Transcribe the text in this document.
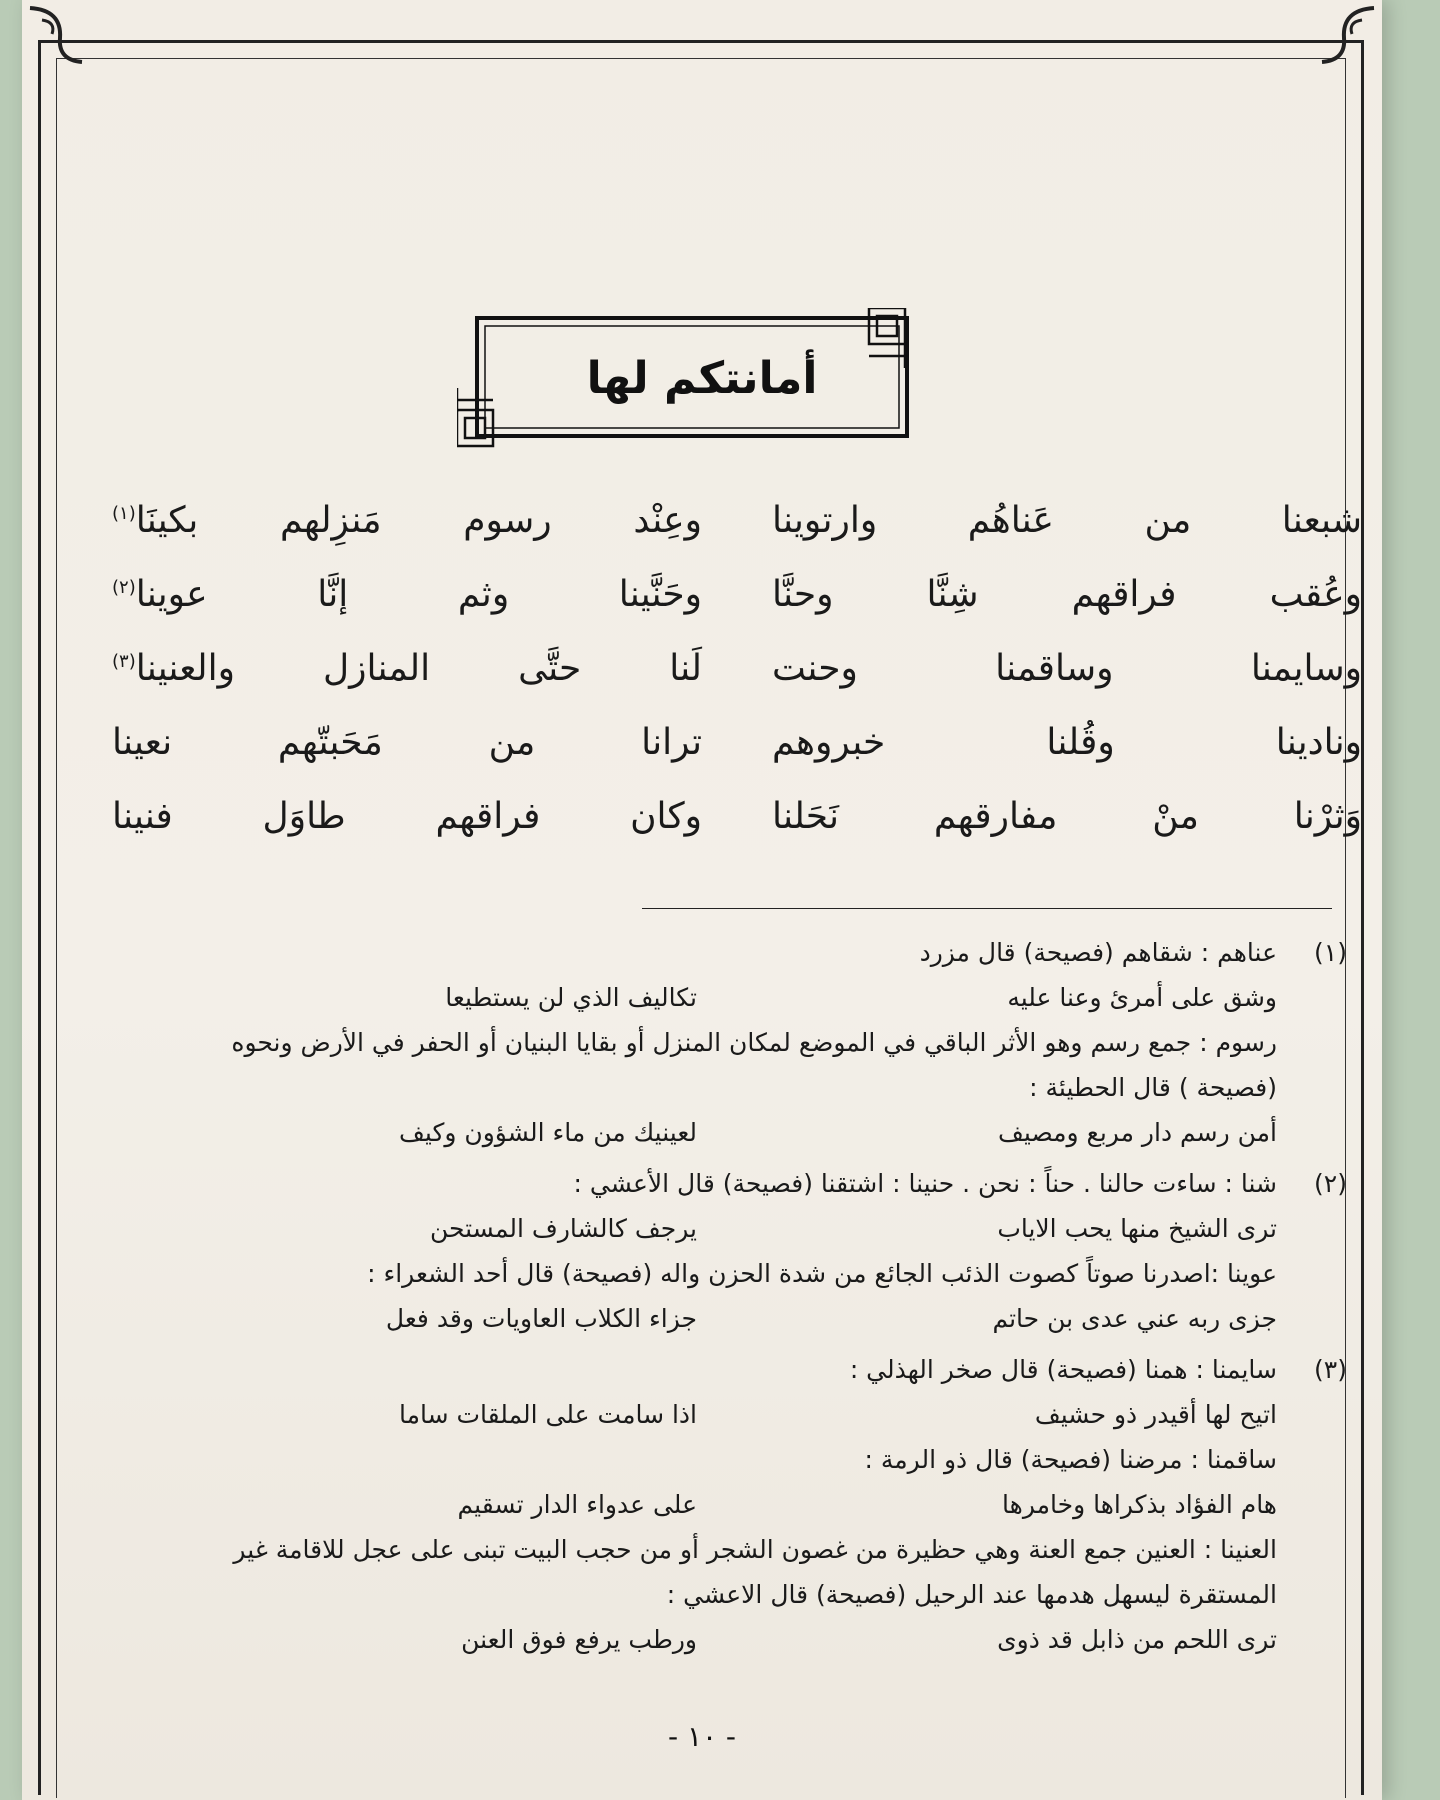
أمانتكم لها
شبعنا من عَناهُم وارتوينا
وعِنْد رسوم مَنزِلهم بكينَا$^{(١)}$
وعُقب فراقهم شِنَّا وحنَّا
وحَنَّينا وثم إنَّا عوينا$^{(٢)}$
وسايمنا وساقمنا وحنت
لَنا حتَّى المنازل والعنينا$^{(٣)}$
ونادينا وقُلنا خبروهم
ترانا من مَحَبتّهم نعينا
وَثرْنا منْ مفارقهم نَحَلنا
وكان فراقهم طاوَل فنينا
(١)
عناهم : شقاهم (فصيحة) قال مزرد
وشق على أمرئ وعنا عليه
تكاليف الذي لن يستطيعا
رسوم : جمع رسم وهو الأثر الباقي في الموضع لمكان المنزل أو بقايا البنيان أو الحفر في الأرض ونحوه
(فصيحة ) قال الحطيئة :
أمن رسم دار مربع ومصيف
لعينيك من ماء الشؤون وكيف
(٢)
شنا : ساءت حالنا . حناً : نحن . حنينا : اشتقنا (فصيحة) قال الأعشي :
ترى الشيخ منها يحب الاياب
يرجف كالشارف المستحن
عوينا :اصدرنا صوتاً كصوت الذئب الجائع من شدة الحزن واله (فصيحة) قال أحد الشعراء :
جزى ربه عني عدى بن حاتم
جزاء الكلاب العاويات وقد فعل
(٣)
سايمنا : همنا (فصيحة) قال صخر الهذلي :
اتيح لها أقيدر ذو حشيف
اذا سامت على الملقات ساما
ساقمنا : مرضنا (فصيحة) قال ذو الرمة :
هام الفؤاد بذكراها وخامرها
على عدواء الدار تسقيم
العنينا : العنين جمع العنة وهي حظيرة من غصون الشجر أو من حجب البيت تبنى على عجل للاقامة غير
المستقرة ليسهل هدمها عند الرحيل (فصيحة) قال الاعشي :
ترى اللحم من ذابل قد ذوى
ورطب يرفع فوق العنن
- ١٠ -
